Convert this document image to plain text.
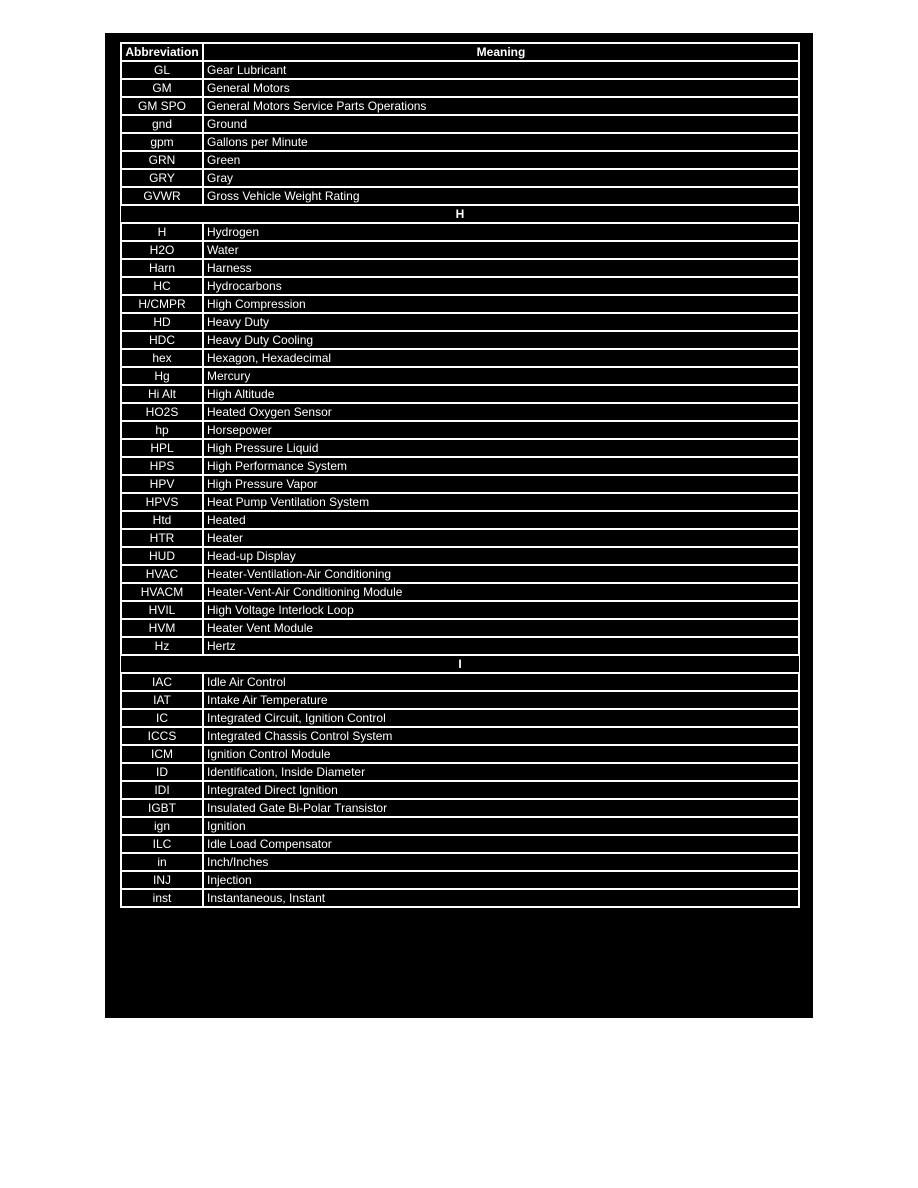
Abbreviation	Meaning
GL	Gear Lubricant
GM	General Motors
GM SPO	General Motors Service Parts Operations
gnd	Ground
gpm	Gallons per Minute
GRN	Green
GRY	Gray
GVWR	Gross Vehicle Weight Rating
H	
H	Hydrogen
H2O	Water
Harn	Harness
HC	Hydrocarbons
H/CMPR	High Compression
HD	Heavy Duty
HDC	Heavy Duty Cooling
hex	Hexagon, Hexadecimal
Hg	Mercury
Hi Alt	High Altitude
HO2S	Heated Oxygen Sensor
hp	Horsepower
HPL	High Pressure Liquid
HPS	High Performance System
HPV	High Pressure Vapor
HPVS	Heat Pump Ventilation System
Htd	Heated
HTR	Heater
HUD	Head-up Display
HVAC	Heater-Ventilation-Air Conditioning
HVACM	Heater-Vent-Air Conditioning Module
HVIL	High Voltage Interlock Loop
HVM	Heater Vent Module
Hz	Hertz
I	
IAC	Idle Air Control
IAT	Intake Air Temperature
IC	Integrated Circuit, Ignition Control
ICCS	Integrated Chassis Control System
ICM	Ignition Control Module
ID	Identification, Inside Diameter
IDI	Integrated Direct Ignition
IGBT	Insulated Gate Bi-Polar Transistor
ign	Ignition
ILC	Idle Load Compensator
in	Inch/Inches
INJ	Injection
inst	Instantaneous, Instant
